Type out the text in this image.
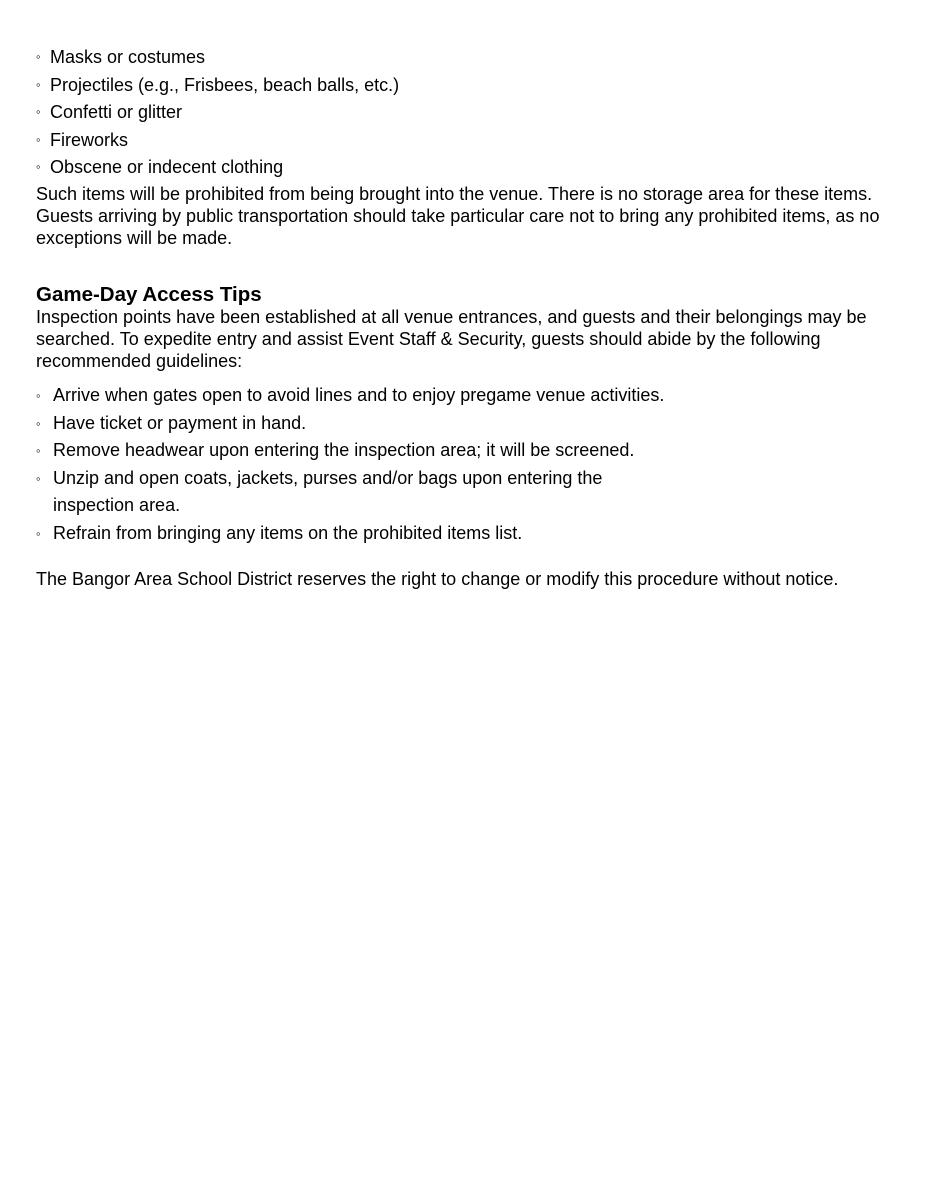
◦ Masks or costumes
◦ Projectiles (e.g., Frisbees, beach balls, etc.)
◦ Confetti or glitter
◦ Fireworks
◦ Obscene or indecent clothing

Such items will be prohibited from being brought into the venue. There is no storage area for these items. Guests arriving by public transportation should take particular care not to bring any prohibited items, as no exceptions will be made.

Game-Day Access Tips

Inspection points have been established at all venue entrances, and guests and their belongings may be searched. To expedite entry and assist Event Staff & Security, guests should abide by the following recommended guidelines:

◦ Arrive when gates open to avoid lines and to enjoy pregame venue activities.
◦ Have ticket or payment in hand.
◦ Remove headwear upon entering the inspection area; it will be screened.
◦ Unzip and open coats, jackets, purses and/or bags upon entering the inspection area.
◦ Refrain from bringing any items on the prohibited items list.

The Bangor Area School District reserves the right to change or modify this procedure without notice.
